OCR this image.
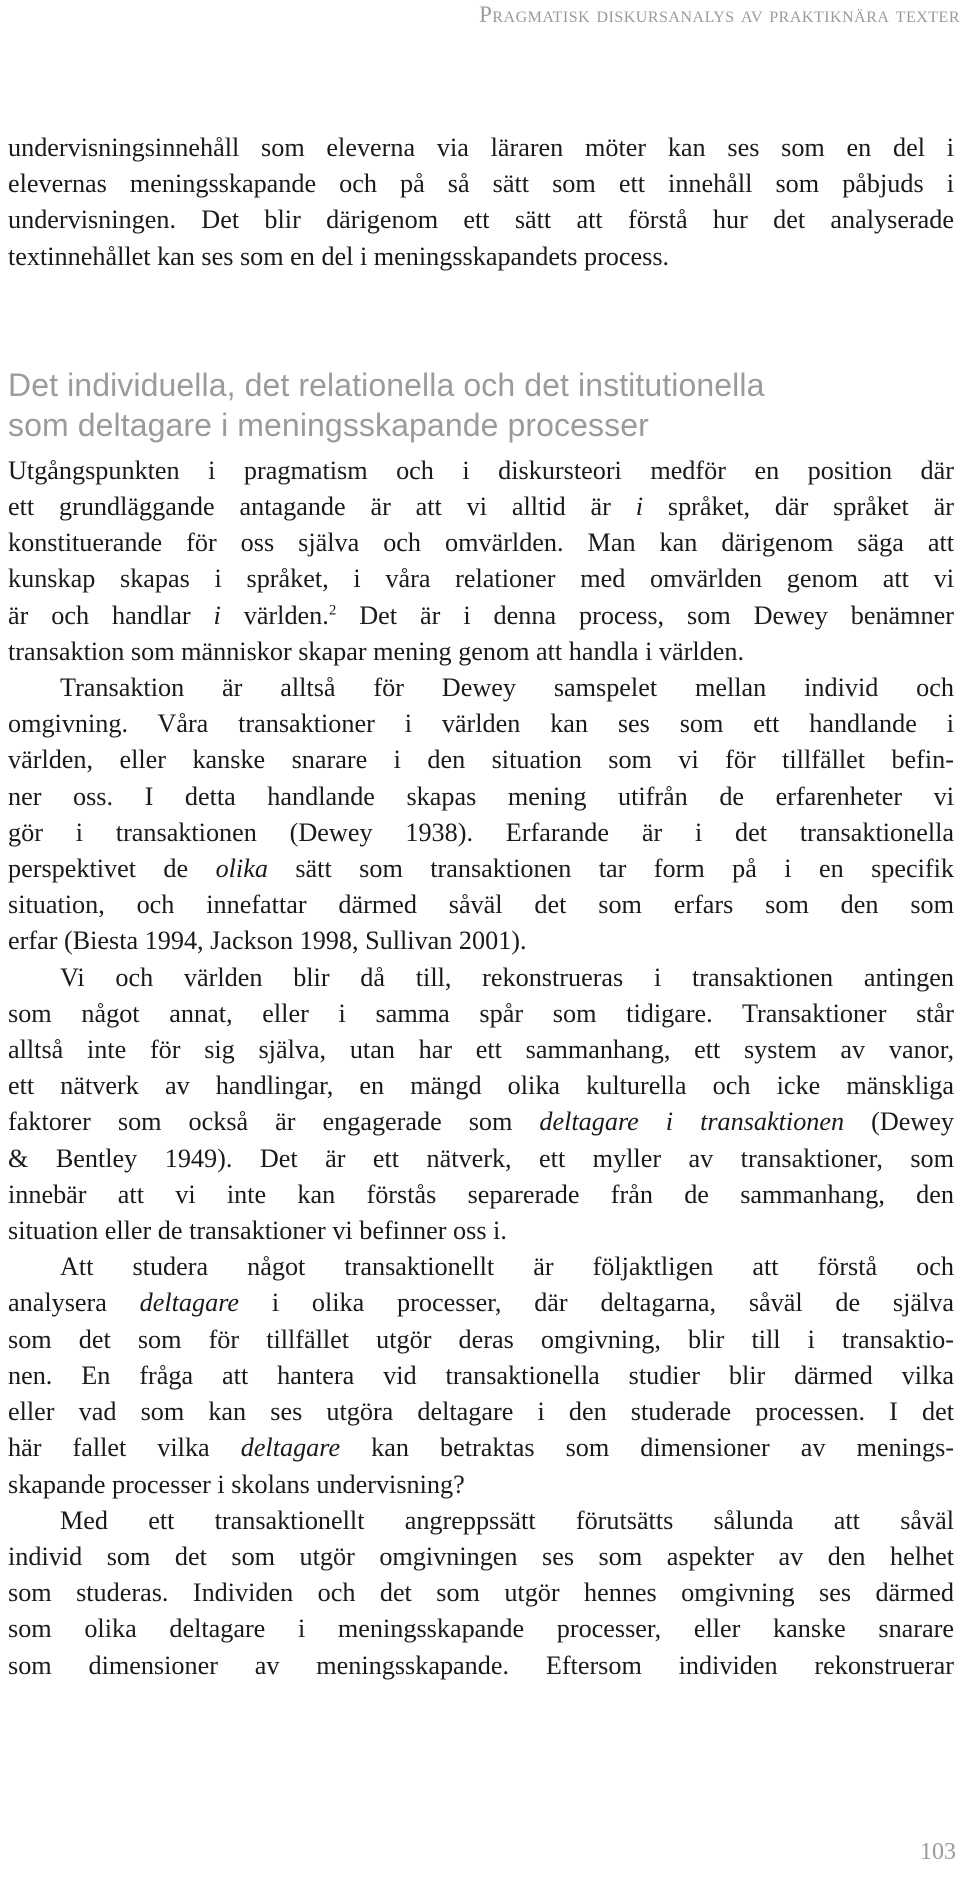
Pragmatisk diskursanalys av praktiknära texter

undervisningsinnehåll som eleverna via läraren möter kan ses som en del i
elevernas meningsskapande och på så sätt som ett innehåll som påbjuds i
undervisningen. Det blir därigenom ett sätt att förstå hur det analyserade
textinnehållet kan ses som en del i meningsskapandets process.

Det individuella, det relationella och det institutionella
som deltagare i meningsskapande processer

Utgångspunkten i pragmatism och i diskursteori medför en position där
ett grundläggande antagande är att vi alltid är i språket, där språket är
konstituerande för oss själva och omvärlden. Man kan därigenom säga att
kunskap skapas i språket, i våra relationer med omvärlden genom att vi
är och handlar i världen.$^2$ Det är i denna process, som Dewey benämner
transaktion som människor skapar mening genom att handla i världen.

Transaktion är alltså för Dewey samspelet mellan individ och
omgivning. Våra transaktioner i världen kan ses som ett handlande i
världen, eller kanske snarare i den situation som vi för tillfället befin-
ner oss. I detta handlande skapas mening utifrån de erfarenheter vi
gör i transaktionen (Dewey 1938). Erfarande är i det transaktionella
perspektivet de olika sätt som transaktionen tar form på i en specifik
situation, och innefattar därmed såväl det som erfars som den som
erfar (Biesta 1994, Jackson 1998, Sullivan 2001).

Vi och världen blir då till, rekonstrueras i transaktionen antingen
som något annat, eller i samma spår som tidigare. Transaktioner står
alltså inte för sig själva, utan har ett sammanhang, ett system av vanor,
ett nätverk av handlingar, en mängd olika kulturella och icke mänskliga
faktorer som också är engagerade som deltagare i transaktionen (Dewey
& Bentley 1949). Det är ett nätverk, ett myller av transaktioner, som
innebär att vi inte kan förstås separerade från de sammanhang, den
situation eller de transaktioner vi befinner oss i.

Att studera något transaktionellt är följaktligen att förstå och
analysera deltagare i olika processer, där deltagarna, såväl de själva
som det som för tillfället utgör deras omgivning, blir till i transaktio-
nen. En fråga att hantera vid transaktionella studier blir därmed vilka
eller vad som kan ses utgöra deltagare i den studerade processen. I det
här fallet vilka deltagare kan betraktas som dimensioner av menings-
skapande processer i skolans undervisning?

Med ett transaktionellt angreppssätt förutsätts sålunda att såväl
individ som det som utgör omgivningen ses som aspekter av den helhet
som studeras. Individen och det som utgör hennes omgivning ses därmed
som olika deltagare i meningsskapande processer, eller kanske snarare
som dimensioner av meningsskapande. Eftersom individen rekonstruerar

103
